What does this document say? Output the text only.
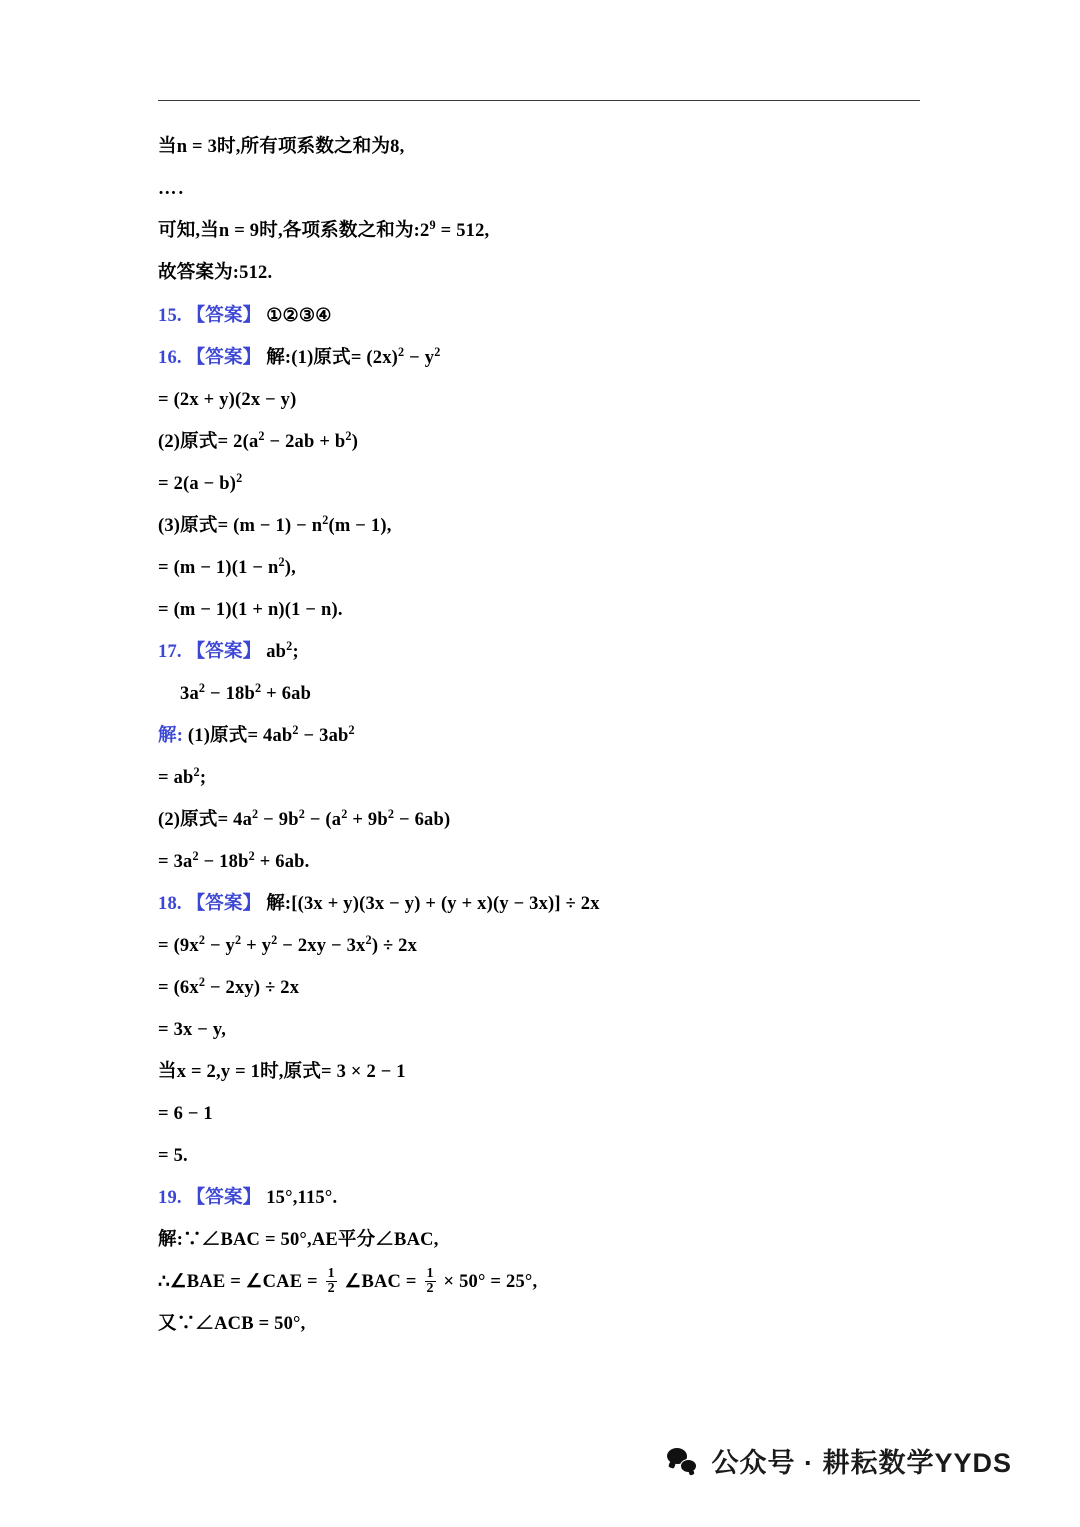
当n = 3时,所有项系数之和为8,
….
可知,当n = 9时,各项系数之和为$:2^9 = 512$,
故答案为:512.
15. 【答案】 ①②③④
16. 【答案】 解:(1)原式= $(2x)^2 - y^2$
= (2x + y)(2x − y)
(2)原式= $2(a^2 - 2ab + b^2)$
= $2(a - b)^2$
(3)原式= $(m - 1) - n^2(m - 1)$,
= $(m - 1)(1 - n^2)$,
= (m − 1)(1 + n)(1 − n).
17. 【答案】 $ab^2$;
$3a^2 - 18b^2 + 6ab$
解: (1)原式= $4ab^2 - 3ab^2$
= $ab^2$;
(2)原式= $4a^2 - 9b^2 - (a^2 + 9b^2 - 6ab)$
= $3a^2 - 18b^2 + 6ab$.
18. 【答案】 解:[(3x + y)(3x − y) + (y + x)(y − 3x)] ÷ 2x
= $(9x^2 - y^2 + y^2 - 2xy - 3x^2) \div 2x$
= $(6x^2 - 2xy) \div 2x$
= 3x − y,
当x = 2,y = 1时,原式= 3 × 2 − 1
= 6 − 1
= 5.
19. 【答案】 15°,115°.
解:∵∠BAC = 50°,AE平分∠BAC,
∴∠BAE = ∠CAE = $\frac{1}{2}$ ∠BAC = $\frac{1}{2} \times 50^\circ = 25^\circ$,
又∵∠ACB = 50°,
公众号 · 耕耘数学YYDS
